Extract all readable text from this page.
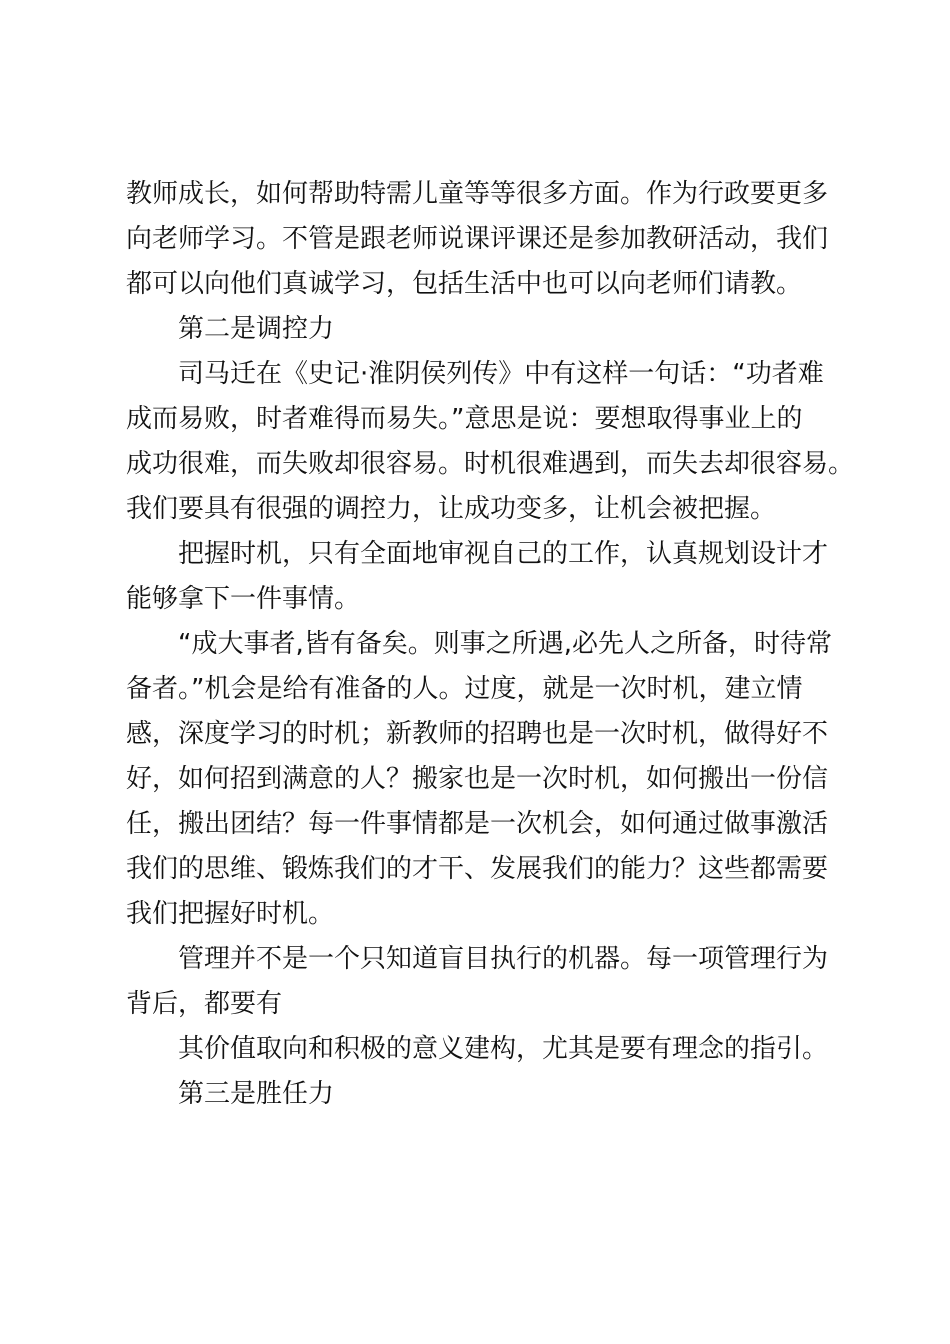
教师成长，如何帮助特需儿童等等很多方面。作为行政要更多
向老师学习。不管是跟老师说课评课还是参加教研活动，我们
都可以向他们真诚学习，包括生活中也可以向老师们请教。
第二是调控力
司马迁在《史记·淮阴侯列传》中有这样一句话：“功者难
成而易败，时者难得而易失。”意思是说：要想取得事业上的
成功很难，而失败却很容易。时机很难遇到，而失去却很容易。
我们要具有很强的调控力，让成功变多，让机会被把握。
把握时机，只有全面地审视自己的工作，认真规划设计才
能够拿下一件事情。
“成大事者,皆有备矣。则事之所遇,必先人之所备，时待常
备者。”机会是给有准备的人。过度，就是一次时机，建立情
感，深度学习的时机；新教师的招聘也是一次时机，做得好不
好，如何招到满意的人？搬家也是一次时机，如何搬出一份信
任，搬出团结？每一件事情都是一次机会，如何通过做事激活
我们的思维、锻炼我们的才干、发展我们的能力？这些都需要
我们把握好时机。
管理并不是一个只知道盲目执行的机器。每一项管理行为
背后，都要有
其价值取向和积极的意义建构，尤其是要有理念的指引。
第三是胜任力
